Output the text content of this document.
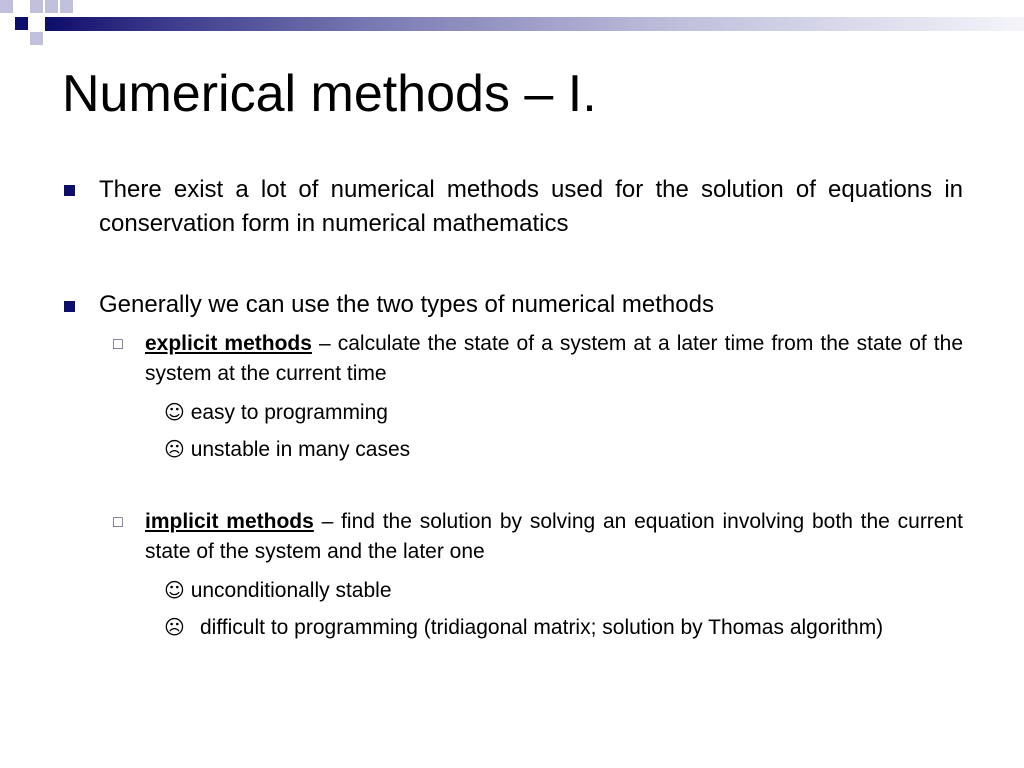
Numerical methods – I.
There exist a lot of numerical methods used for the solution of equations in conservation form in numerical mathematics
Generally we can use the two types of numerical methods
□ explicit methods – calculate the state of a system at a later time from the state of the system at the current time
☺ easy to programming
☹ unstable in many cases
□ implicit methods – find the solution by solving an equation involving both the current state of the system and the later one
☺ unconditionally stable
☹ difficult to programming (tridiagonal matrix; solution by Thomas algorithm)
